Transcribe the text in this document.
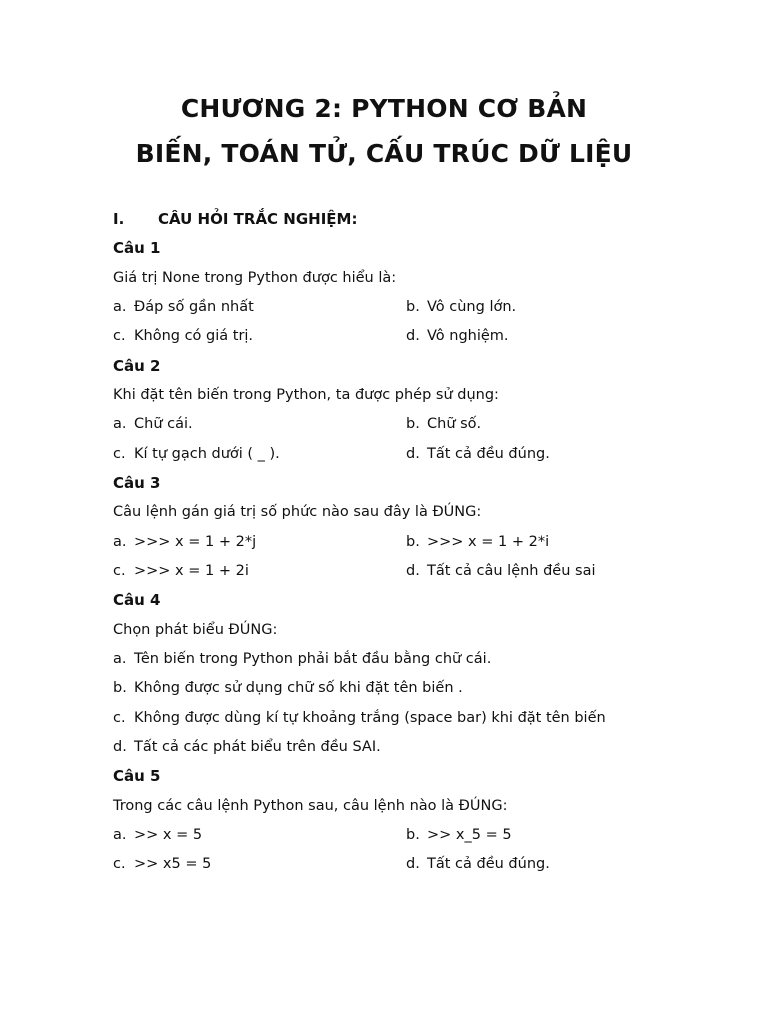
CHƯƠNG 2: PYTHON CƠ BẢN
BIẾN, TOÁN TỬ, CẤU TRÚC DỮ LIỆU
I. CÂU HỎI TRẮC NGHIỆM:
Câu 1
Giá trị None trong Python được hiểu là:
a. Đáp số gần nhất	b. Vô cùng lớn.
c. Không có giá trị.	d. Vô nghiệm.
Câu 2
Khi đặt tên biến trong Python, ta được phép sử dụng:
a. Chữ cái.	b. Chữ số.
c. Kí tự gạch dưới ( _ ).	d. Tất cả đều đúng.
Câu 3
Câu lệnh gán giá trị số phức nào sau đây là ĐÚNG:
a. >>> x = 1 + 2*j	b. >>> x = 1 + 2*i
c. >>> x = 1 + 2i	d. Tất cả câu lệnh đều sai
Câu 4
Chọn phát biểu ĐÚNG:
a. Tên biến trong Python phải bắt đầu bằng chữ cái.
b. Không được sử dụng chữ số khi đặt tên biến .
c. Không được dùng kí tự khoảng trắng (space bar) khi đặt tên biến
d. Tất cả các phát biểu trên đều SAI.
Câu 5
Trong các câu lệnh Python sau, câu lệnh nào là ĐÚNG:
a. >> x = 5	b. >> x_5 = 5
c. >> x5 = 5	d. Tất cả đều đúng.
